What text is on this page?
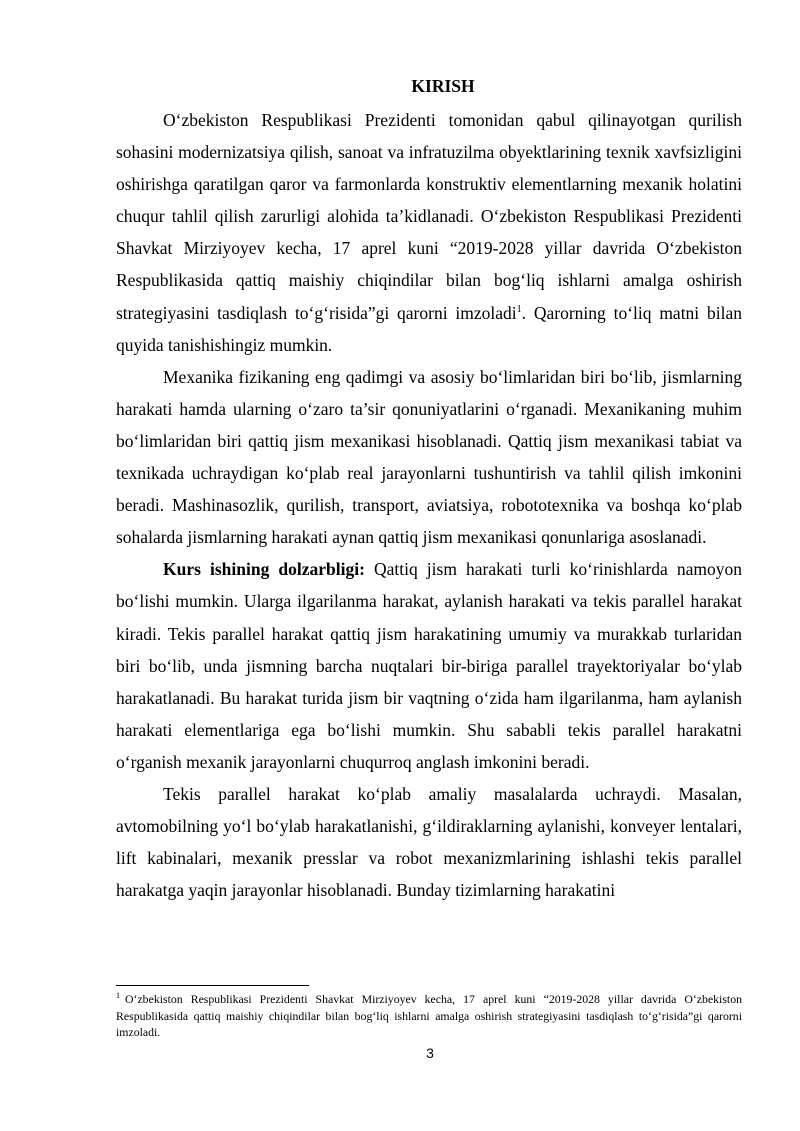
KIRISH

O‘zbekiston Respublikasi Prezidenti tomonidan qabul qilinayotgan qurilish sohasini modernizatsiya qilish, sanoat va infratuzilma obyektlarining texnik xavfsizligini oshirishga qaratilgan qaror va farmonlarda konstruktiv elementlarning mexanik holatini chuqur tahlil qilish zarurligi alohida ta’kidlanadi. O‘zbekiston Respublikasi Prezidenti Shavkat Mirziyoyev kecha, 17 aprel kuni “2019-2028 yillar davrida O‘zbekiston Respublikasida qattiq maishiy chiqindilar bilan bog‘liq ishlarni amalga oshirish strategiyasini tasdiqlash to‘g‘risida”gi qarorni imzoladi$^1$. Qarorning to‘liq matni bilan quyida tanishishingiz mumkin.

Mexanika fizikaning eng qadimgi va asosiy bo‘limlaridan biri bo‘lib, jismlarning harakati hamda ularning o‘zaro ta’sir qonuniyatlarini o‘rganadi. Mexanikaning muhim bo‘limlaridan biri qattiq jism mexanikasi hisoblanadi. Qattiq jism mexanikasi tabiat va texnikada uchraydigan ko‘plab real jarayonlarni tushuntirish va tahlil qilish imkonini beradi. Mashinasozlik, qurilish, transport, aviatsiya, robototexnika va boshqa ko‘plab sohalarda jismlarning harakati aynan qattiq jism mexanikasi qonunlariga asoslanadi.

Kurs ishining dolzarbligi: Qattiq jism harakati turli ko‘rinishlarda namoyon bo‘lishi mumkin. Ularga ilgarilanma harakat, aylanish harakati va tekis parallel harakat kiradi. Tekis parallel harakat qattiq jism harakatining umumiy va murakkab turlaridan biri bo‘lib, unda jismning barcha nuqtalari bir-biriga parallel trayektoriyalar bo‘ylab harakatlanadi. Bu harakat turida jism bir vaqtning o‘zida ham ilgarilanma, ham aylanish harakati elementlariga ega bo‘lishi mumkin. Shu sababli tekis parallel harakatni o‘rganish mexanik jarayonlarni chuqurroq anglash imkonini beradi.

Tekis parallel harakat ko‘plab amaliy masalalarda uchraydi. Masalan, avtomobilning yo‘l bo‘ylab harakatlanishi, g‘ildiraklarning aylanishi, konveyer lentalari, lift kabinalari, mexanik presslar va robot mexanizmlarining ishlashi tekis parallel harakatga yaqin jarayonlar hisoblanadi. Bunday tizimlarning harakatini

$^1$ O‘zbekiston Respublikasi Prezidenti Shavkat Mirziyoyev kecha, 17 aprel kuni “2019-2028 yillar davrida O‘zbekiston Respublikasida qattiq maishiy chiqindilar bilan bog‘liq ishlarni amalga oshirish strategiyasini tasdiqlash to‘g‘risida”gi qarorni imzoladi.

3
